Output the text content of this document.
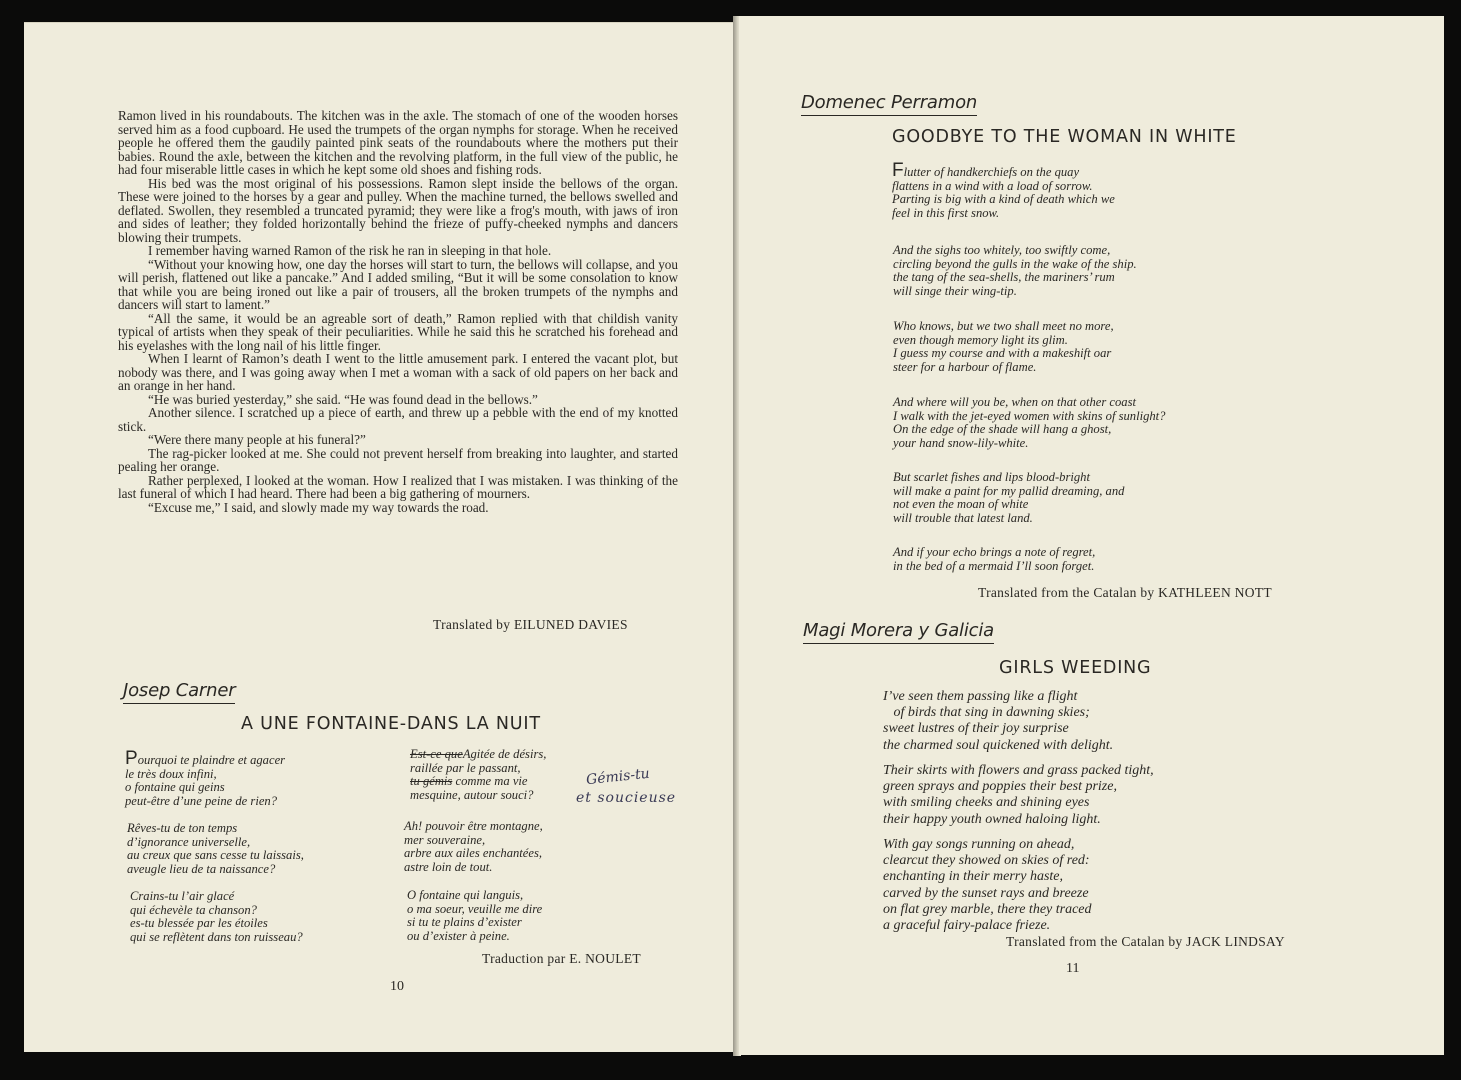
Ramon lived in his roundabouts. The kitchen was in the axle. The stomach of one of the wooden horses served him as a food cupboard. He used the trumpets of the organ nymphs for storage. When he received people he offered them the gaudily painted pink seats of the roundabouts where the mothers put their babies. Round the axle, between the kitchen and the revolving platform, in the full view of the public, he had four miserable little cases in which he kept some old shoes and fishing rods.

His bed was the most original of his possessions. Ramon slept inside the bellows of the organ. These were joined to the horses by a gear and pulley. When the machine turned, the bellows swelled and deflated. Swollen, they resembled a truncated pyramid; they were like a frog's mouth, with jaws of iron and sides of leather; they folded horizontally behind the frieze of puffy-cheeked nymphs and dancers blowing their trumpets.

I remember having warned Ramon of the risk he ran in sleeping in that hole.

“Without your knowing how, one day the horses will start to turn, the bellows will collapse, and you will perish, flattened out like a pancake.” And I added smiling, “But it will be some consolation to know that while you are being ironed out like a pair of trousers, all the broken trumpets of the nymphs and dancers will start to lament.”

“All the same, it would be an agreable sort of death,” Ramon replied with that childish vanity typical of artists when they speak of their peculiarities. While he said this he scratched his forehead and his eyelashes with the long nail of his little finger.

When I learnt of Ramon’s death I went to the little amusement park. I entered the vacant plot, but nobody was there, and I was going away when I met a woman with a sack of old papers on her back and an orange in her hand.

“He was buried yesterday,” she said. “He was found dead in the bellows.”

Another silence. I scratched up a piece of earth, and threw up a pebble with the end of my knotted stick.

“Were there many people at his funeral?”

The rag-picker looked at me. She could not prevent herself from breaking into laughter, and started pealing her orange.

Rather perplexed, I looked at the woman. How I realized that I was mistaken. I was thinking of the last funeral of which I had heard. There had been a big gathering of mourners.

“Excuse me,” I said, and slowly made my way towards the road.

Translated by EILUNED DAVIES
Josep Carner
A UNE FONTAINE-DANS LA NUIT
Pourquoi te plaindre et agacer
le très doux infini,
o fontaine qui geins
peut-être d’une peine de rien?
Rêves-tu de ton temps
d’ignorance universelle,
au creux que sans cesse tu laissais,
aveugle lieu de ta naissance?
Crains-tu l’air glacé
qui échevèle ta chanson?
es-tu blessée par les étoiles
qui se reflètent dans ton ruisseau?
Est-ce queAgitée de désirs,
raillée par le passant,
tu gémis comme ma vie
mesquine, autour souci?
Gémis-tu
et soucieuse
Ah! pouvoir être montagne,
mer souveraine,
arbre aux ailes enchantées,
astre loin de tout.
O fontaine qui languis,
o ma soeur, veuille me dire
si tu te plains d’exister
ou d’exister à peine.
Traduction par E. NOULET
10
Domenec Perramon
GOODBYE TO THE WOMAN IN WHITE
Flutter of handkerchiefs on the quay
flattens in a wind with a load of sorrow.
Parting is big with a kind of death which we
feel in this first snow.
And the sighs too whitely, too swiftly come,
circling beyond the gulls in the wake of the ship.
the tang of the sea-shells, the mariners’ rum
will singe their wing-tip.
Who knows, but we two shall meet no more,
even though memory light its glim.
I guess my course and with a makeshift oar
steer for a harbour of flame.
And where will you be, when on that other coast
I walk with the jet-eyed women with skins of sunlight?
On the edge of the shade will hang a ghost,
your hand snow-lily-white.
But scarlet fishes and lips blood-bright
will make a paint for my pallid dreaming, and
not even the moan of white
will trouble that latest land.
And if your echo brings a note of regret,
in the bed of a mermaid I’ll soon forget.
Translated from the Catalan by KATHLEEN NOTT
Magi Morera y Galicia
GIRLS WEEDING
I’ve seen them passing like a flight
of birds that sing in dawning skies;
sweet lustres of their joy surprise
the charmed soul quickened with delight.
Their skirts with flowers and grass packed tight,
green sprays and poppies their best prize,
with smiling cheeks and shining eyes
their happy youth owned haloing light.
With gay songs running on ahead,
clearcut they showed on skies of red:
enchanting in their merry haste,
carved by the sunset rays and breeze
on flat grey marble, there they traced
a graceful fairy-palace frieze.
Translated from the Catalan by JACK LINDSAY
11
